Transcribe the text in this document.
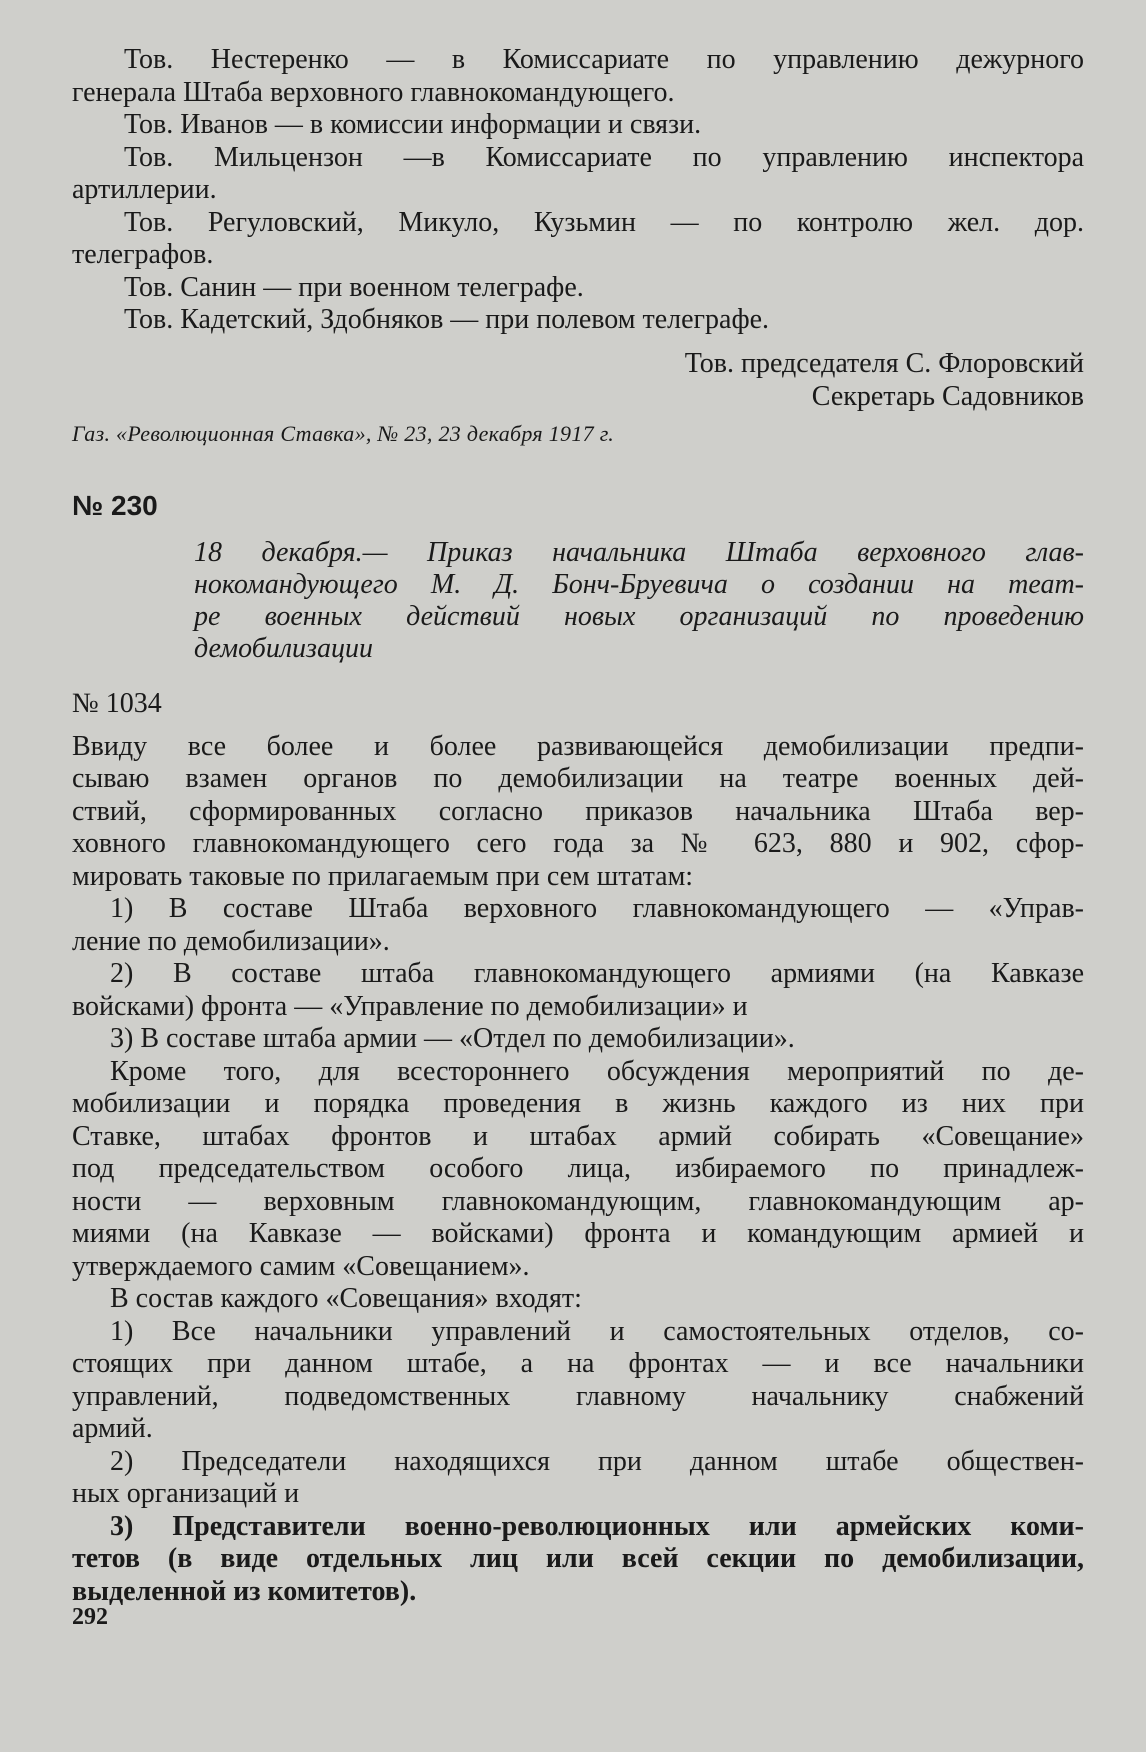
Тов. Нестеренко — в Комиссариате по управлению дежурного
генерала Штаба верховного главнокомандующего.
Тов. Иванов — в комиссии информации и связи.
Тов. Мильцензон —в Комиссариате по управлению инспектора
артиллерии.
Тов. Регуловский, Микуло, Кузьмин — по контролю жел. дор.
телеграфов.
Тов. Санин — при военном телеграфе.
Тов. Кадетский, Здобняков — при полевом телеграфе.
Тов. председателя С. Флоровский
Секретарь Садовников
Газ. «Революционная Ставка», № 23, 23 декабря 1917 г.
№ 230
18 декабря.— Приказ начальника Штаба верховного глав-
нокомандующего М. Д. Бонч-Бруевича о создании на теат-
ре военных действий новых организаций по проведению
демобилизации
№ 1034
Ввиду все более и более развивающейся демобилизации предпи-
сываю взамен органов по демобилизации на театре военных дей-
ствий, сформированных согласно приказов начальника Штаба вер-
ховного главнокомандующего сего года за № 623, 880 и 902, сфор-
мировать таковые по прилагаемым при сем штатам:
1) В составе Штаба верховного главнокомандующего — «Управ-
ление по демобилизации».
2) В составе штаба главнокомандующего армиями (на Кавказе
войсками) фронта — «Управление по демобилизации» и
3) В составе штаба армии — «Отдел по демобилизации».
Кроме того, для всестороннего обсуждения мероприятий по де-
мобилизации и порядка проведения в жизнь каждого из них при
Ставке, штабах фронтов и штабах армий собирать «Совещание»
под председательством особого лица, избираемого по принадлеж-
ности — верховным главнокомандующим, главнокомандующим ар-
миями (на Кавказе — войсками) фронта и командующим армией и
утверждаемого самим «Совещанием».
В состав каждого «Совещания» входят:
1) Все начальники управлений и самостоятельных отделов, со-
стоящих при данном штабе, а на фронтах — и все начальники
управлений, подведомственных главному начальнику снабжений
армий.
2) Председатели находящихся при данном штабе обществен-
ных организаций и
3) Представители военно-революционных или армейских коми-
тетов (в виде отдельных лиц или всей секции по демобилизации,
выделенной из комитетов).
292
